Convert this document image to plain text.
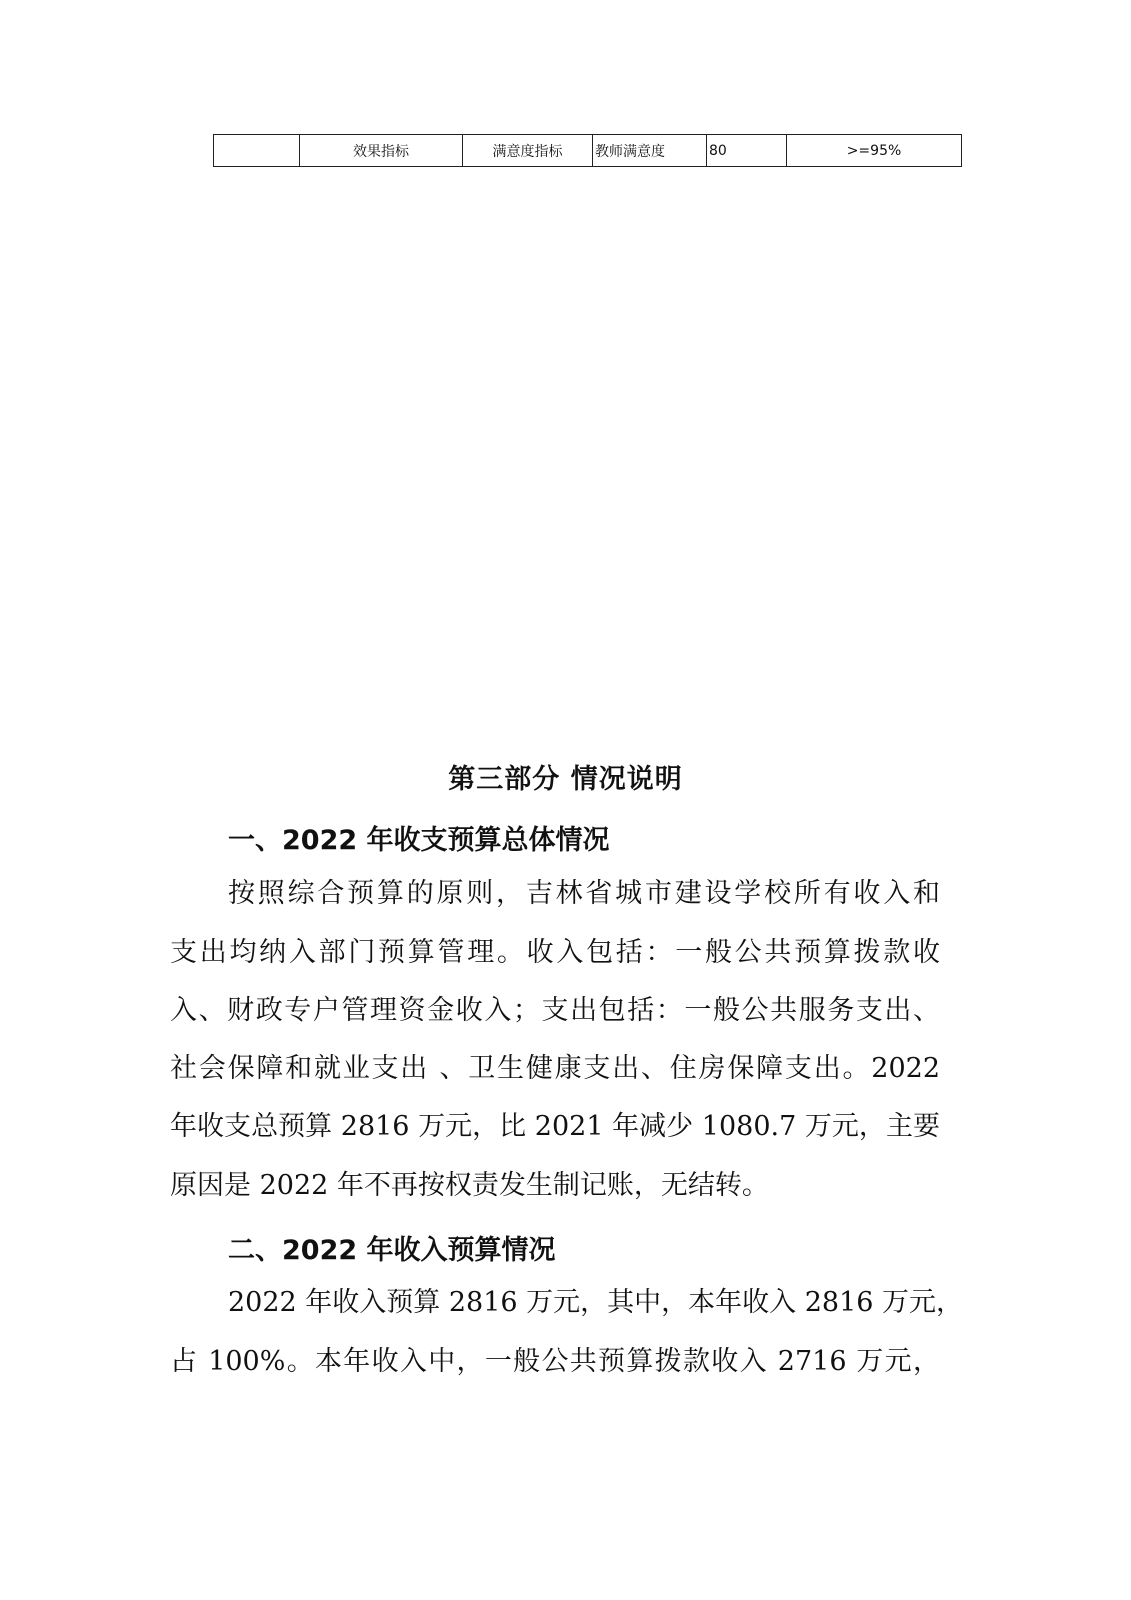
	效果指标	满意度指标	教师满意度	80	>=95%
第三部分 情况说明
一、2022 年收支预算总体情况

按照综合预算的原则，吉林省城市建设学校所有收入和

支出均纳入部门预算管理。收入包括：一般公共预算拨款收

入、财政专户管理资金收入；支出包括：一般公共服务支出、

社会保障和就业支出 、卫生健康支出、住房保障支出。2022

年收支总预算 2816 万元，比 2021 年减少 1080.7 万元，主要

原因是 2022 年不再按权责发生制记账，无结转。

二、2022 年收入预算情况

2022 年收入预算 2816 万元，其中，本年收入 2816 万元，

占 100%。本年收入中，一般公共预算拨款收入 2716 万元，
